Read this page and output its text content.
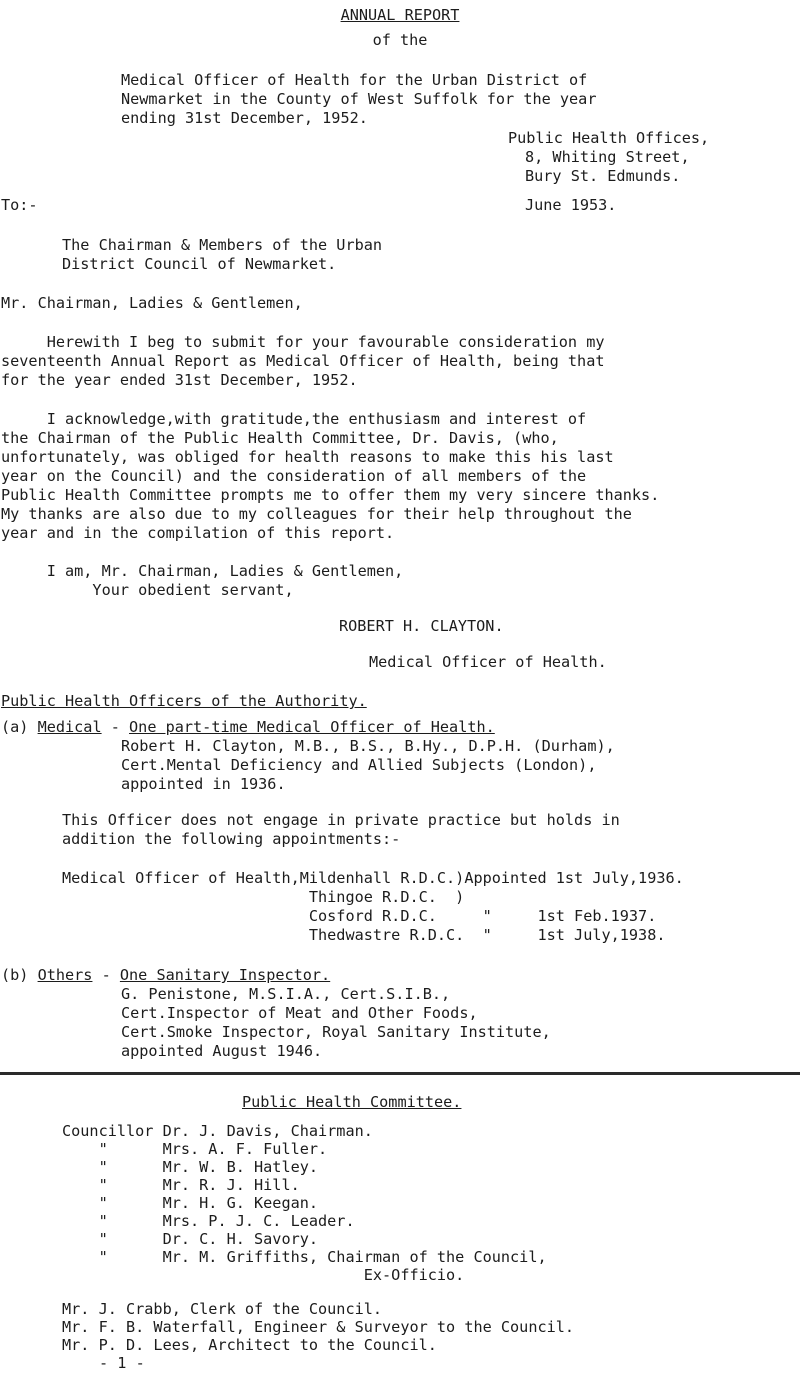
ANNUAL REPORT
of the
Medical Officer of Health for the Urban District of
Newmarket in the County of West Suffolk for the year
ending 31st December, 1952.
Public Health Offices,
8, Whiting Street,
Bury St. Edmunds.
To:-	June 1953.
The Chairman & Members of the Urban
District Council of Newmarket.
Mr. Chairman, Ladies & Gentlemen,
Herewith I beg to submit for your favourable consideration my
seventeenth Annual Report as Medical Officer of Health, being that
for the year ended 31st December, 1952.
I acknowledge,with gratitude,the enthusiasm and interest of
the Chairman of the Public Health Committee, Dr. Davis, (who,
unfortunately, was obliged for health reasons to make this his last
year on the Council) and the consideration of all members of the
Public Health Committee prompts me to offer them my very sincere thanks.
My thanks are also due to my colleagues for their help throughout the
year and in the compilation of this report.
I am, Mr. Chairman, Ladies & Gentlemen,
Your obedient servant,
ROBERT H. CLAYTON.
Medical Officer of Health.
Public Health Officers of the Authority.
(a) Medical - One part-time Medical Officer of Health.
Robert H. Clayton, M.B., B.S., B.Hy., D.P.H. (Durham),
Cert.Mental Deficiency and Allied Subjects (London),
appointed in 1936.
This Officer does not engage in private practice but holds in
addition the following appointments:-
Medical Officer of Health,Mildenhall R.D.C.)Appointed 1st July,1936.
Thingoe R.D.C.  )
Cosford R.D.C.     "     1st Feb.1937.
Thedwastre R.D.C.  "     1st July,1938.
(b) Others - One Sanitary Inspector.
G. Penistone, M.S.I.A., Cert.S.I.B.,
Cert.Inspector of Meat and Other Foods,
Cert.Smoke Inspector, Royal Sanitary Institute,
appointed August 1946.
Public Health Committee.
Councillor Dr. J. Davis, Chairman.
"      Mrs. A. F. Fuller.
"      Mr. W. B. Hatley.
"      Mr. R. J. Hill.
"      Mr. H. G. Keegan.
"      Mrs. P. J. C. Leader.
"      Dr. C. H. Savory.
"      Mr. M. Griffiths, Chairman of the Council,
Ex-Officio.
Mr. J. Crabb, Clerk of the Council.
Mr. F. B. Waterfall, Engineer & Surveyor to the Council.
Mr. P. D. Lees, Architect to the Council.
- 1 -
